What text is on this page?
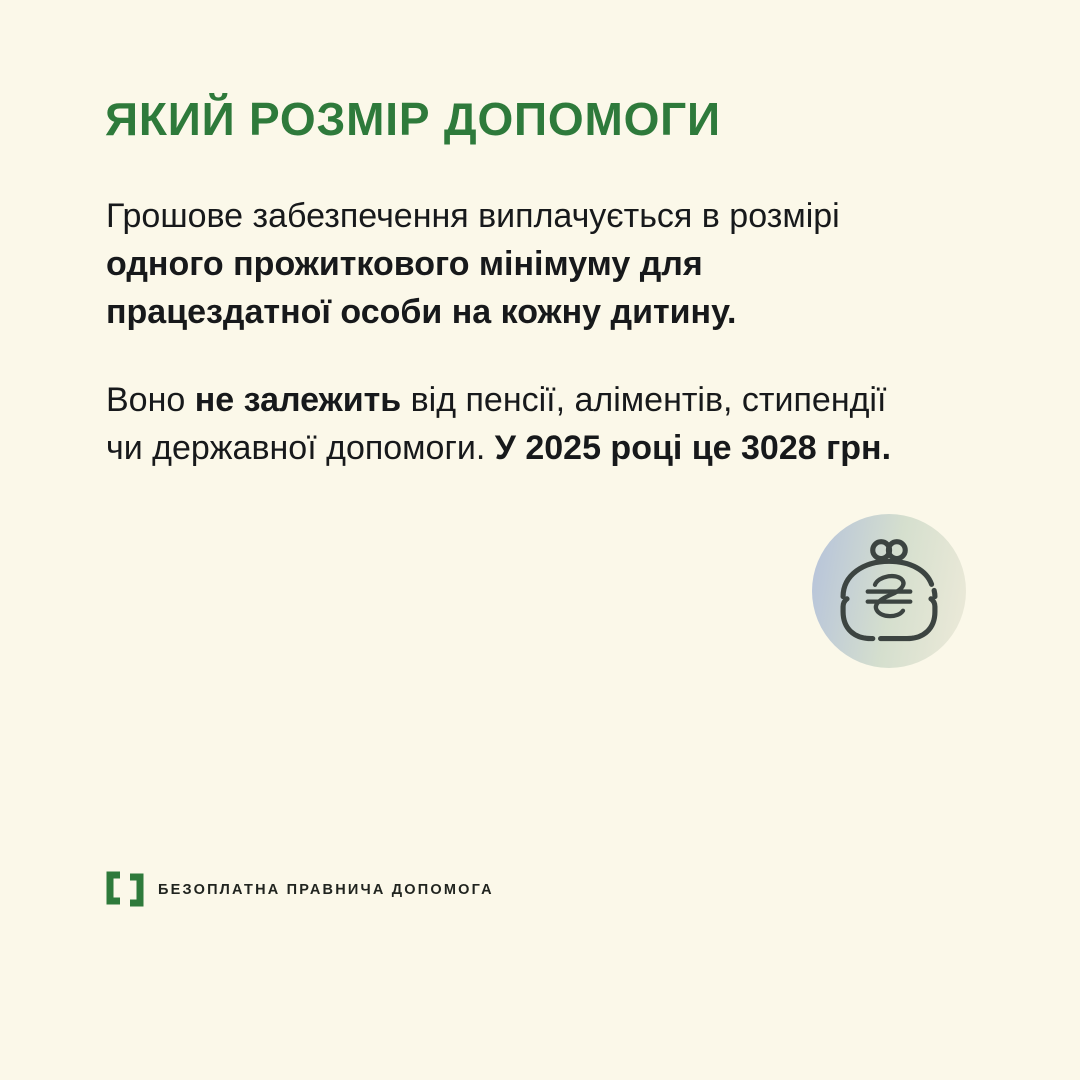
ЯКИЙ РОЗМІР ДОПОМОГИ

Грошове забезпечення виплачується в розмірі
одного прожиткового мінімуму для
працездатної особи на кожну дитину.

Воно не залежить від пенсії, аліментів, стипендії
чи державної допомоги. У 2025 році це 3028 грн.

БЕЗОПЛАТНА ПРАВНИЧА ДОПОМОГА
